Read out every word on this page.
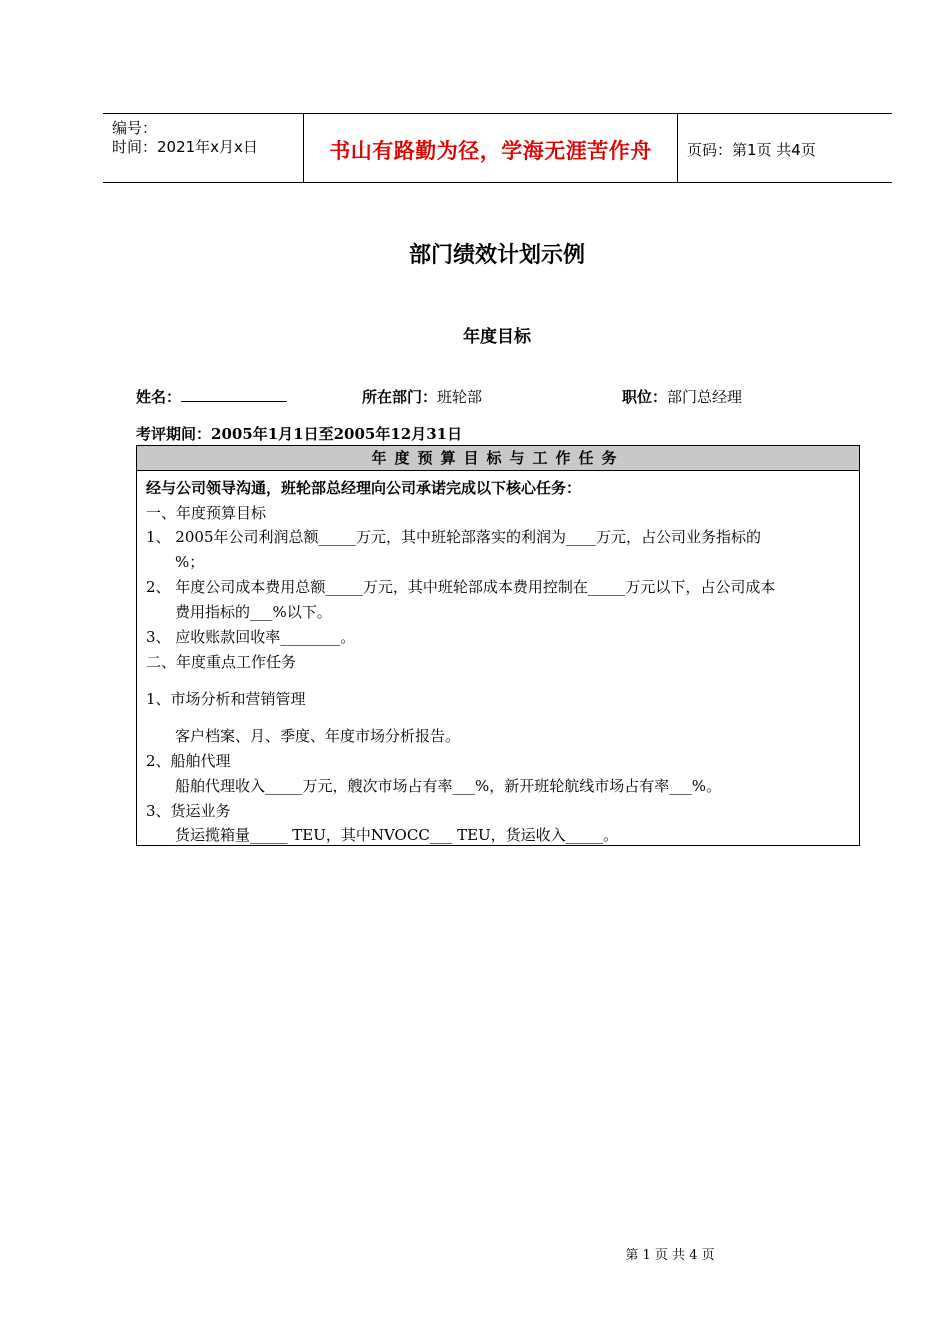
编号：
时间：2021年x月x日	书山有路勤为径，学海无涯苦作舟	页码：第1页 共4页
部门绩效计划示例
年度目标
姓名：	所在部门：班轮部	职位：部门总经理
考评期间：2005年1月1日至2005年12月31日
年度预算目标与工作任务
经与公司领导沟通，班轮部总经理向公司承诺完成以下核心任务：
一、年度预算目标
1、 2005年公司利润总额_____万元，其中班轮部落实的利润为____万元，占公司业务指标的
%；
2、 年度公司成本费用总额_____万元，其中班轮部成本费用控制在_____万元以下，占公司成本
费用指标的___%以下。
3、 应收账款回收率________。
二、年度重点工作任务
1、市场分析和营销管理
客户档案、月、季度、年度市场分析报告。
2、船舶代理
船舶代理收入_____万元，艘次市场占有率___%，新开班轮航线市场占有率___%。
3、货运业务
货运揽箱量_____ TEU，其中NVOCC___ TEU，货运收入_____。
第 1 页 共 4 页
